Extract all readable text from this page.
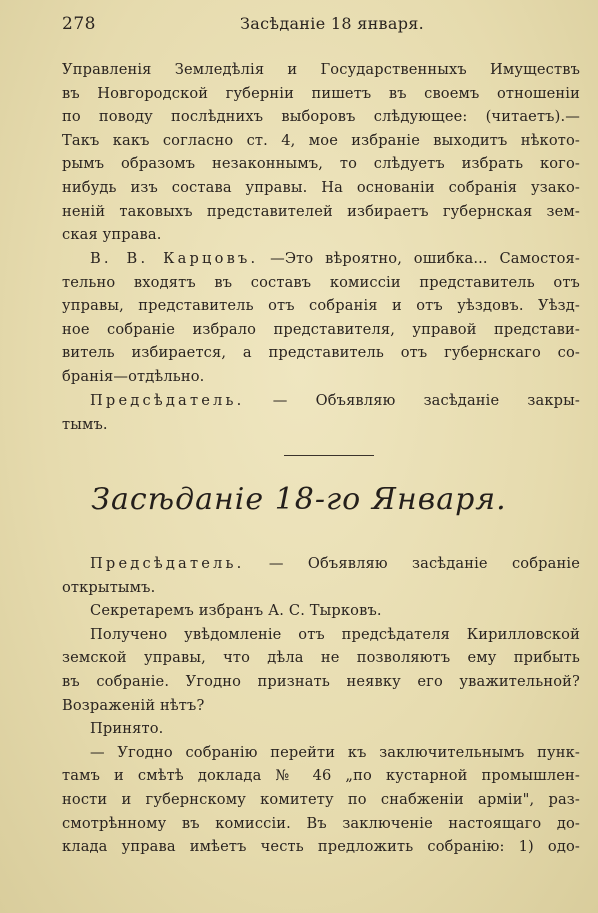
278	Засѣданіе 18 января.
Управленія Земледѣлія и Государственныхъ Имуществъ
въ Новгородской губерніи пишетъ въ своемъ отношеніи
по поводу послѣднихъ выборовъ слѣдующее: (читаетъ).—
Такъ какъ согласно ст. 4, мое избраніе выходитъ нѣкото-
рымъ образомъ незаконнымъ, то слѣдуетъ избрать кого-
нибудь изъ состава управы. На основаніи собранія узако-
неній таковыхъ представителей избираетъ губернская зем-
ская управа.
В. В. Карцовъ. —Это вѣроятно, ошибка... Самостоя-
тельно входятъ въ составъ комиссіи представитель отъ
управы, представитель отъ собранія и отъ уѣздовъ. Уѣзд-
ное собраніе избрало представителя, управой представи-
витель избирается, а представитель отъ губернскаго со-
бранія—отдѣльно.
Предсѣдатель. — Объявляю засѣданіе закры-
тымъ.
Засѣданіе 18-го Января.
Предсѣдатель. — Объявляю засѣданіе собраніе
открытымъ.
Секретаремъ избранъ А. С. Тырковъ.
Получено увѣдомленіе отъ предсѣдателя Кирилловской
земской управы, что дѣла не позволяютъ ему прибыть
въ собраніе. Угодно признать неявку его уважительной?
Возраженій нѣтъ?
Принято.
— Угодно собранію перейти къ заключительнымъ пунк-
тамъ и смѣтѣ доклада № 46 „по кустарной промышлен-
ности и губернскому комитету по снабженіи арміи", раз-
смотрѣнному въ комиссіи. Въ заключеніе настоящаго до-
клада управа имѣетъ честь предложить собранію: 1) одо-
